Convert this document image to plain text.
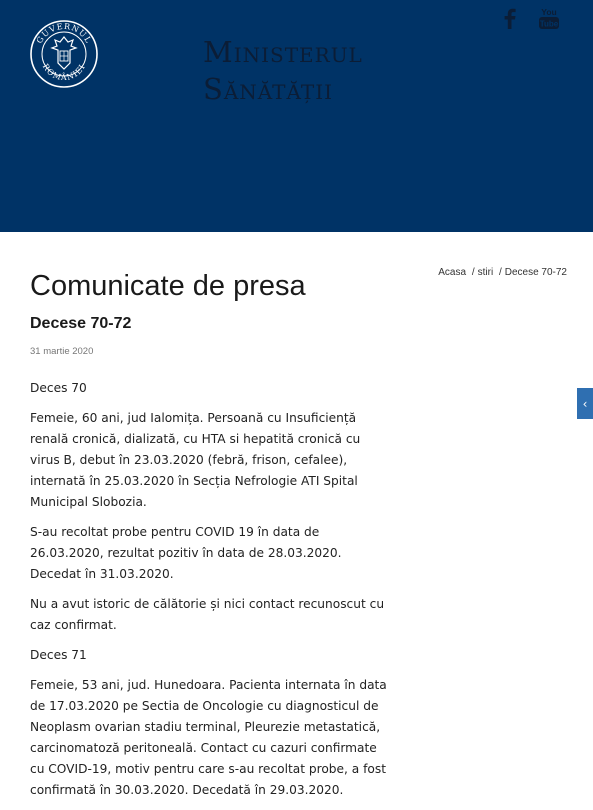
GUVERNUL
ROMÂNIEI	Ministerul
Sănătății
You
Tube
Acasa / stiri / Decese 70-72
Comunicate de presa
Decese 70-72
31 martie 2020

Deces 70

Femeie, 60 ani, jud Ialomița. Persoană cu Insuficiență renală cronică, dializată, cu HTA si hepatită cronică cu virus B, debut în 23.03.2020 (febră, frison, cefalee), internată în 25.03.2020 în Secția Nefrologie ATI Spital Municipal Slobozia.

S-au recoltat probe pentru COVID 19 în data de 26.03.2020, rezultat pozitiv în data de 28.03.2020. Decedat în 31.03.2020.

Nu a avut istoric de călătorie și nici contact recunoscut cu caz confirmat.

Deces 71

Femeie, 53 ani, jud. Hunedoara. Pacienta internata în data de 17.03.2020 pe Sectia de Oncologie cu diagnosticul de Neoplasm ovarian stadiu terminal, Pleurezie metastatică, carcinomatoză peritoneală. Contact cu cazuri confirmate cu COVID-19, motiv pentru care s-au recoltat probe, a fost confirmată în 30.03.2020. Decedată în 29.03.2020.

‹
